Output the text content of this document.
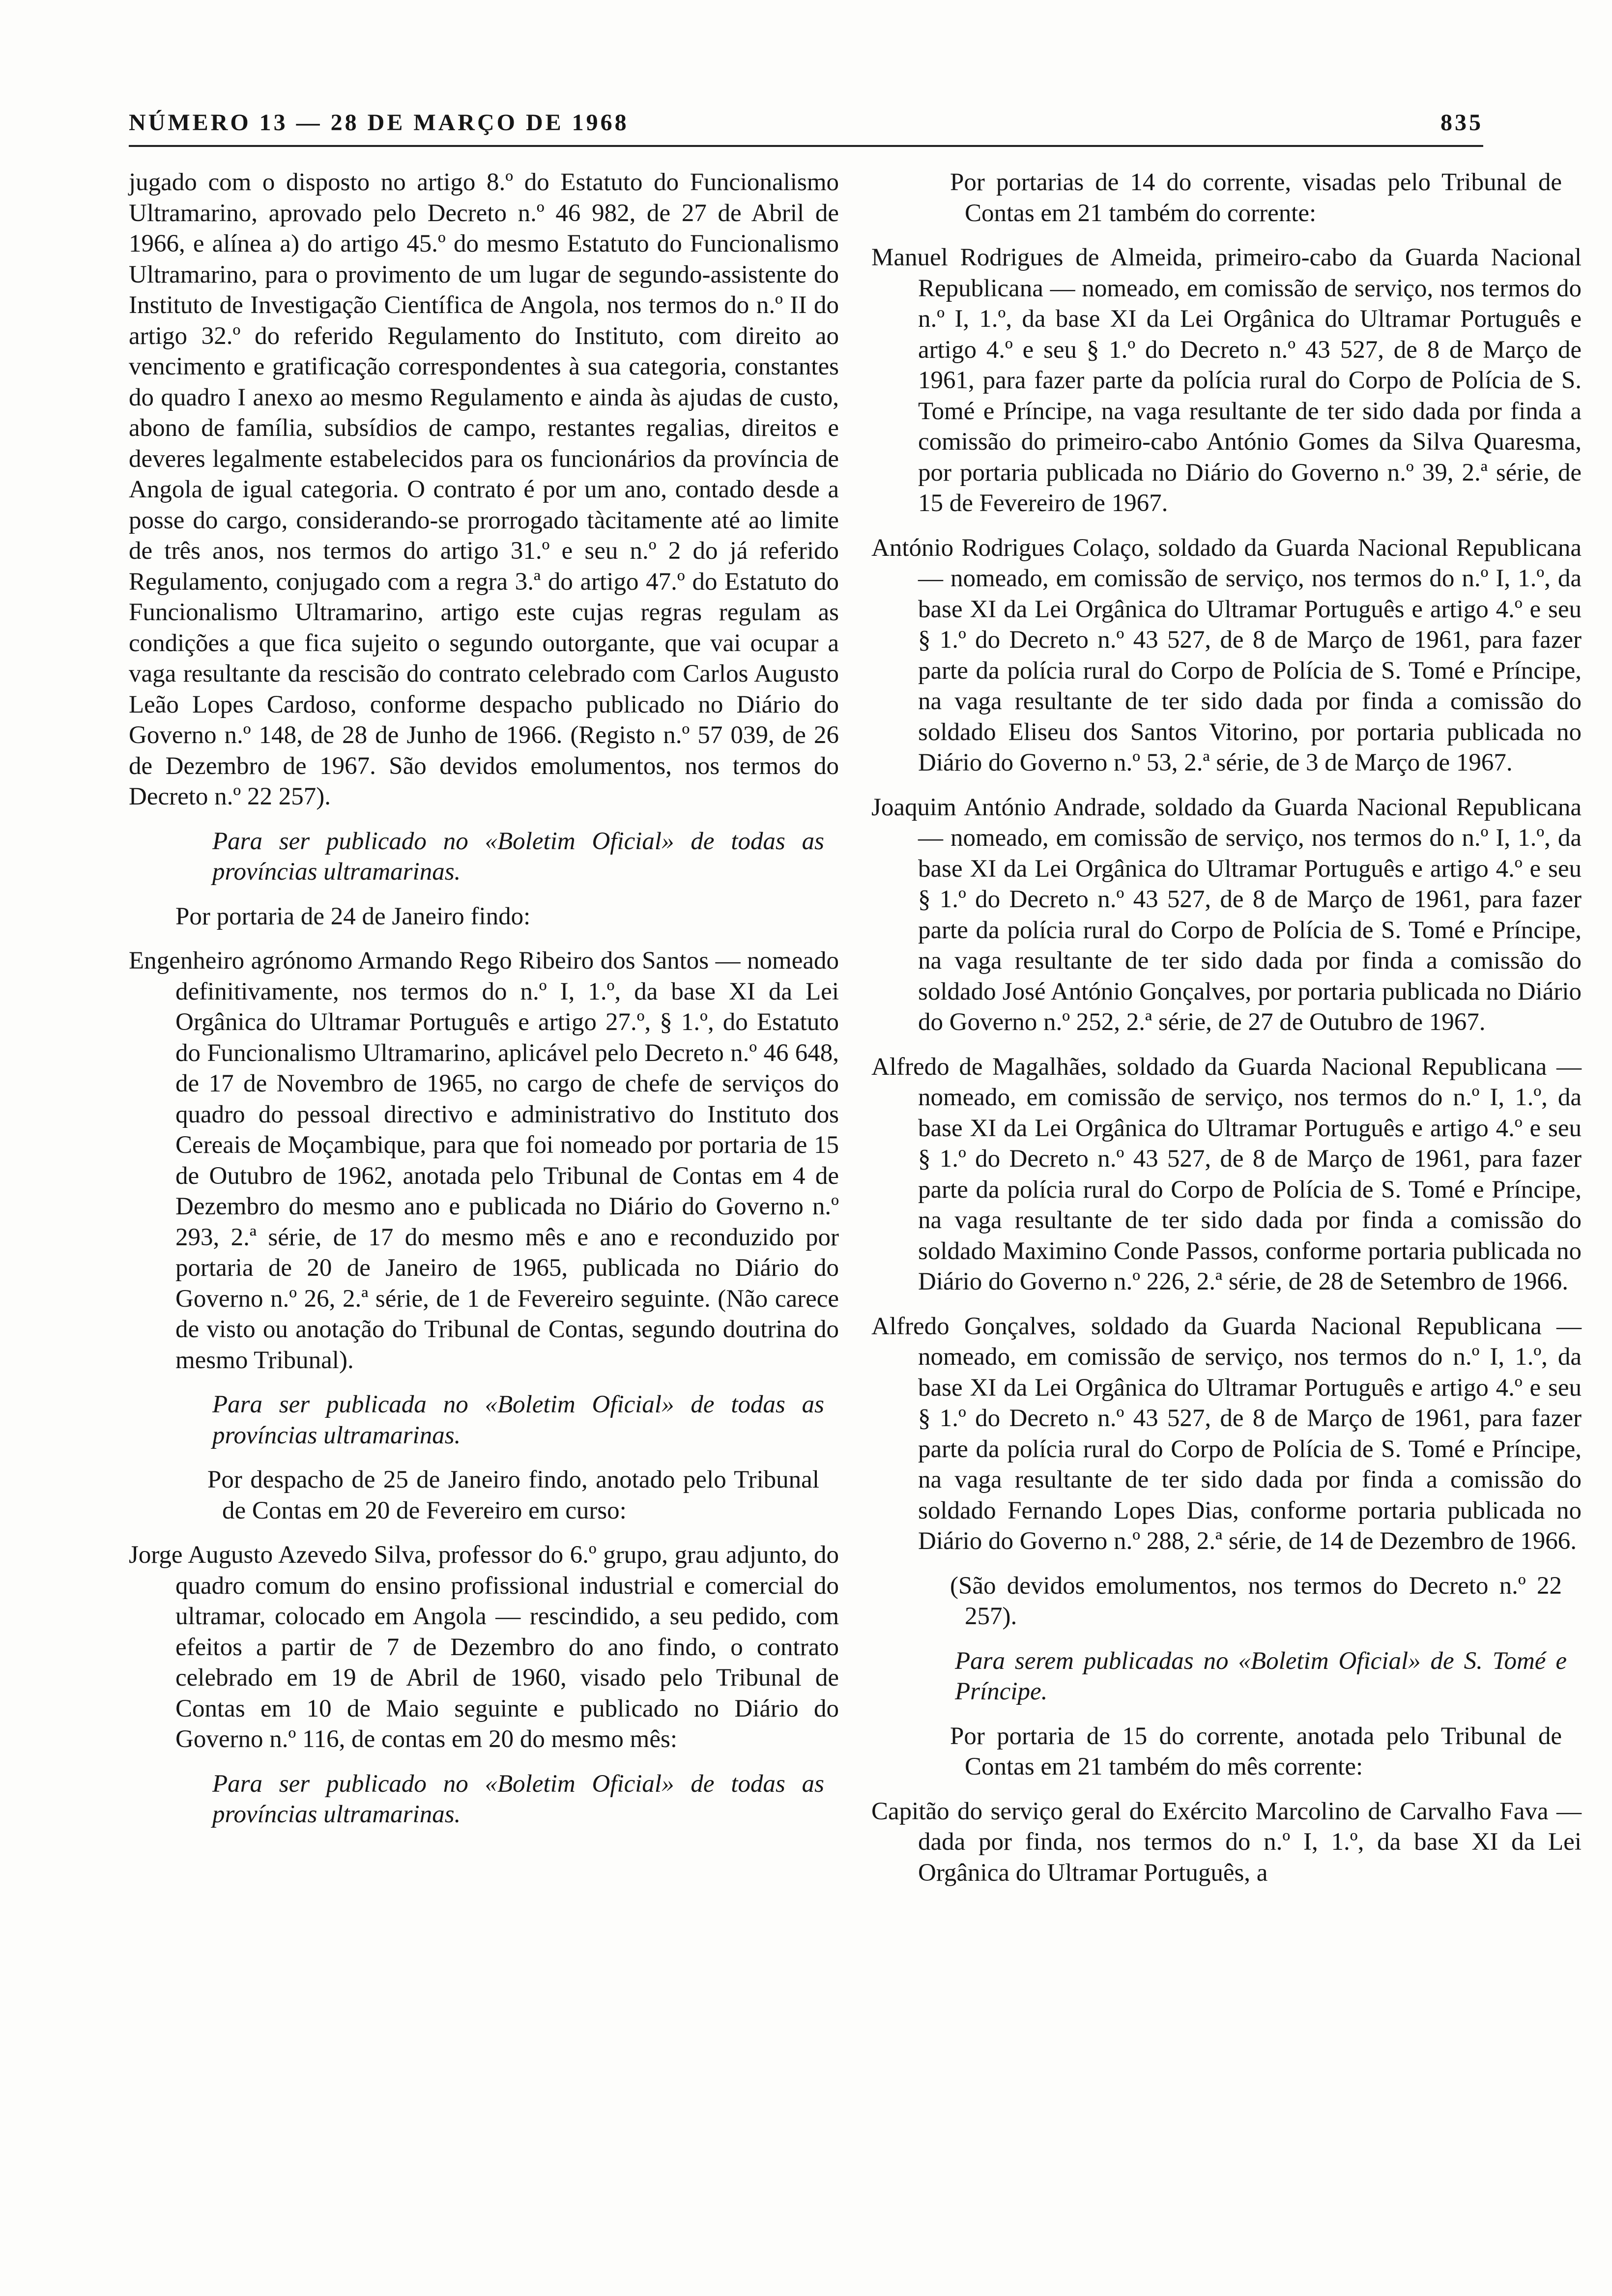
NÚMERO 13 — 28 DE MARÇO DE 1968	835

jugado com o disposto no artigo 8.º do Estatuto do Funcionalismo Ultramarino, aprovado pelo Decreto n.º 46 982, de 27 de Abril de 1966, e alínea a) do artigo 45.º do mesmo Estatuto do Funcionalismo Ultramarino, para o provimento de um lugar de segundo-assistente do Instituto de Investigação Científica de Angola, nos termos do n.º II do artigo 32.º do referido Regulamento do Instituto, com direito ao vencimento e gratificação correspondentes à sua categoria, constantes do quadro I anexo ao mesmo Regulamento e ainda às ajudas de custo, abono de família, subsídios de campo, restantes regalias, direitos e deveres legalmente estabelecidos para os funcionários da província de Angola de igual categoria. O contrato é por um ano, contado desde a posse do cargo, considerando-se prorrogado tàcitamente até ao limite de três anos, nos termos do artigo 31.º e seu n.º 2 do já referido Regulamento, conjugado com a regra 3.ª do artigo 47.º do Estatuto do Funcionalismo Ultramarino, artigo este cujas regras regulam as condições a que fica sujeito o segundo outorgante, que vai ocupar a vaga resultante da rescisão do contrato celebrado com Carlos Augusto Leão Lopes Cardoso, conforme despacho publicado no Diário do Governo n.º 148, de 28 de Junho de 1966. (Registo n.º 57 039, de 26 de Dezembro de 1967. São devidos emolumentos, nos termos do Decreto n.º 22 257).

Para ser publicado no «Boletim Oficial» de todas as províncias ultramarinas.

Por portaria de 24 de Janeiro findo:

Engenheiro agrónomo Armando Rego Ribeiro dos Santos — nomeado definitivamente, nos termos do n.º I, 1.º, da base XI da Lei Orgânica do Ultramar Português e artigo 27.º, § 1.º, do Estatuto do Funcionalismo Ultramarino, aplicável pelo Decreto n.º 46 648, de 17 de Novembro de 1965, no cargo de chefe de serviços do quadro do pessoal directivo e administrativo do Instituto dos Cereais de Moçambique, para que foi nomeado por portaria de 15 de Outubro de 1962, anotada pelo Tribunal de Contas em 4 de Dezembro do mesmo ano e publicada no Diário do Governo n.º 293, 2.ª série, de 17 do mesmo mês e ano e reconduzido por portaria de 20 de Janeiro de 1965, publicada no Diário do Governo n.º 26, 2.ª série, de 1 de Fevereiro seguinte. (Não carece de visto ou anotação do Tribunal de Contas, segundo doutrina do mesmo Tribunal).

Para ser publicada no «Boletim Oficial» de todas as províncias ultramarinas.

Por despacho de 25 de Janeiro findo, anotado pelo Tribunal de Contas em 20 de Fevereiro em curso:

Jorge Augusto Azevedo Silva, professor do 6.º grupo, grau adjunto, do quadro comum do ensino profissional industrial e comercial do ultramar, colocado em Angola — rescindido, a seu pedido, com efeitos a partir de 7 de Dezembro do ano findo, o contrato celebrado em 19 de Abril de 1960, visado pelo Tribunal de Contas em 10 de Maio seguinte e publicado no Diário do Governo n.º 116, de contas em 20 do mesmo mês:

Para ser publicado no «Boletim Oficial» de todas as províncias ultramarinas.

Por portarias de 14 do corrente, visadas pelo Tribunal de Contas em 21 também do corrente:

Manuel Rodrigues de Almeida, primeiro-cabo da Guarda Nacional Republicana — nomeado, em comissão de serviço, nos termos do n.º I, 1.º, da base XI da Lei Orgânica do Ultramar Português e artigo 4.º e seu § 1.º do Decreto n.º 43 527, de 8 de Março de 1961, para fazer parte da polícia rural do Corpo de Polícia de S. Tomé e Príncipe, na vaga resultante de ter sido dada por finda a comissão do primeiro-cabo António Gomes da Silva Quaresma, por portaria publicada no Diário do Governo n.º 39, 2.ª série, de 15 de Fevereiro de 1967.

António Rodrigues Colaço, soldado da Guarda Nacional Republicana — nomeado, em comissão de serviço, nos termos do n.º I, 1.º, da base XI da Lei Orgânica do Ultramar Português e artigo 4.º e seu § 1.º do Decreto n.º 43 527, de 8 de Março de 1961, para fazer parte da polícia rural do Corpo de Polícia de S. Tomé e Príncipe, na vaga resultante de ter sido dada por finda a comissão do soldado Eliseu dos Santos Vitorino, por portaria publicada no Diário do Governo n.º 53, 2.ª série, de 3 de Março de 1967.

Joaquim António Andrade, soldado da Guarda Nacional Republicana — nomeado, em comissão de serviço, nos termos do n.º I, 1.º, da base XI da Lei Orgânica do Ultramar Português e artigo 4.º e seu § 1.º do Decreto n.º 43 527, de 8 de Março de 1961, para fazer parte da polícia rural do Corpo de Polícia de S. Tomé e Príncipe, na vaga resultante de ter sido dada por finda a comissão do soldado José António Gonçalves, por portaria publicada no Diário do Governo n.º 252, 2.ª série, de 27 de Outubro de 1967.

Alfredo de Magalhães, soldado da Guarda Nacional Republicana — nomeado, em comissão de serviço, nos termos do n.º I, 1.º, da base XI da Lei Orgânica do Ultramar Português e artigo 4.º e seu § 1.º do Decreto n.º 43 527, de 8 de Março de 1961, para fazer parte da polícia rural do Corpo de Polícia de S. Tomé e Príncipe, na vaga resultante de ter sido dada por finda a comissão do soldado Maximino Conde Passos, conforme portaria publicada no Diário do Governo n.º 226, 2.ª série, de 28 de Setembro de 1966.

Alfredo Gonçalves, soldado da Guarda Nacional Republicana — nomeado, em comissão de serviço, nos termos do n.º I, 1.º, da base XI da Lei Orgânica do Ultramar Português e artigo 4.º e seu § 1.º do Decreto n.º 43 527, de 8 de Março de 1961, para fazer parte da polícia rural do Corpo de Polícia de S. Tomé e Príncipe, na vaga resultante de ter sido dada por finda a comissão do soldado Fernando Lopes Dias, conforme portaria publicada no Diário do Governo n.º 288, 2.ª série, de 14 de Dezembro de 1966.

(São devidos emolumentos, nos termos do Decreto n.º 22 257).

Para serem publicadas no «Boletim Oficial» de S. Tomé e Príncipe.

Por portaria de 15 do corrente, anotada pelo Tribunal de Contas em 21 também do mês corrente:

Capitão do serviço geral do Exército Marcolino de Carvalho Fava — dada por finda, nos termos do n.º I, 1.º, da base XI da Lei Orgânica do Ultramar Português, a
